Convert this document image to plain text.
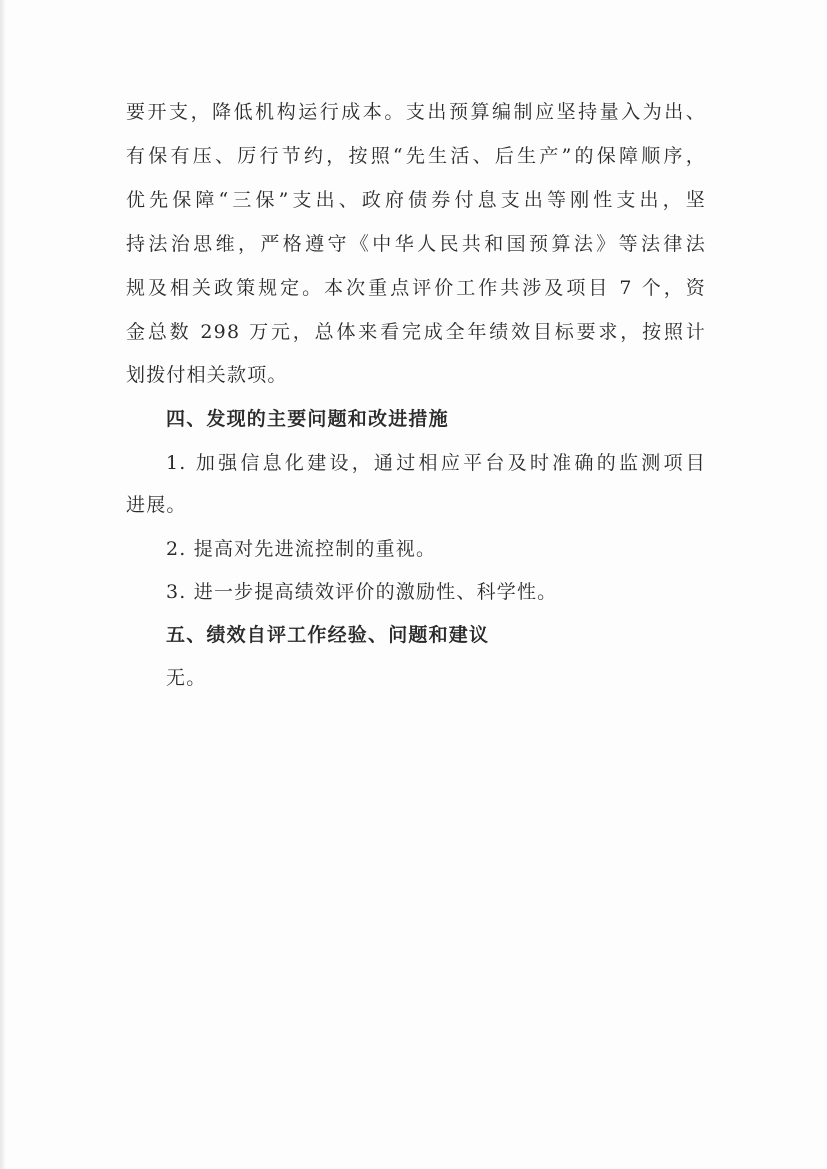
要开支，降低机构运行成本。支出预算编制应坚持量入为出、
有保有压、厉行节约，按照“先生活、后生产”的保障顺序，
优先保障“三保”支出、政府债券付息支出等刚性支出，坚
持法治思维，严格遵守《中华人民共和国预算法》等法律法
规及相关政策规定。本次重点评价工作共涉及项目 7 个，资
金总数 298 万元，总体来看完成全年绩效目标要求，按照计
划拨付相关款项。
四、发现的主要问题和改进措施
1. 加强信息化建设，通过相应平台及时准确的监测项目
进展。
2. 提高对先进流控制的重视。
3. 进一步提高绩效评价的激励性、科学性。
五、绩效自评工作经验、问题和建议
无。
